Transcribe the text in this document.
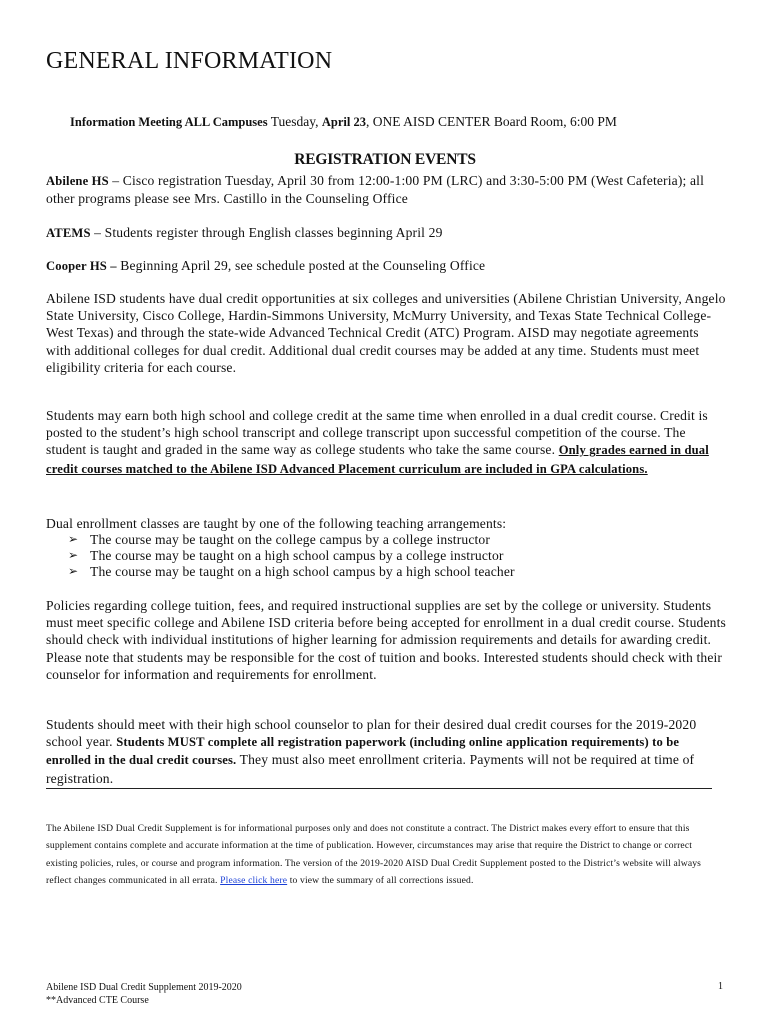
GENERAL INFORMATION
Information Meeting ALL Campuses Tuesday, April 23, ONE AISD CENTER Board Room, 6:00 PM
REGISTRATION EVENTS
Abilene HS – Cisco registration Tuesday, April 30 from 12:00-1:00 PM (LRC) and 3:30-5:00 PM (West Cafeteria); all other programs please see Mrs. Castillo in the Counseling Office
ATEMS – Students register through English classes beginning April 29
Cooper HS – Beginning April 29, see schedule posted at the Counseling Office
Abilene ISD students have dual credit opportunities at six colleges and universities (Abilene Christian University, Angelo State University, Cisco College, Hardin-Simmons University, McMurry University, and Texas State Technical College-West Texas) and through the state-wide Advanced Technical Credit (ATC) Program. AISD may negotiate agreements with additional colleges for dual credit. Additional dual credit courses may be added at any time. Students must meet eligibility criteria for each course.
Students may earn both high school and college credit at the same time when enrolled in a dual credit course. Credit is posted to the student’s high school transcript and college transcript upon successful competition of the course. The student is taught and graded in the same way as college students who take the same course. Only grades earned in dual credit courses matched to the Abilene ISD Advanced Placement curriculum are included in GPA calculations.
Dual enrollment classes are taught by one of the following teaching arrangements:
➢ The course may be taught on the college campus by a college instructor
➢ The course may be taught on a high school campus by a college instructor
➢ The course may be taught on a high school campus by a high school teacher
Policies regarding college tuition, fees, and required instructional supplies are set by the college or university. Students must meet specific college and Abilene ISD criteria before being accepted for enrollment in a dual credit course. Students should check with individual institutions of higher learning for admission requirements and details for awarding credit. Please note that students may be responsible for the cost of tuition and books. Interested students should check with their counselor for information and requirements for enrollment.
Students should meet with their high school counselor to plan for their desired dual credit courses for the 2019-2020 school year. Students MUST complete all registration paperwork (including online application requirements) to be enrolled in the dual credit courses. They must also meet enrollment criteria. Payments will not be required at time of registration.
The Abilene ISD Dual Credit Supplement is for informational purposes only and does not constitute a contract. The District makes every effort to ensure that this supplement contains complete and accurate information at the time of publication. However, circumstances may arise that require the District to change or correct existing policies, rules, or course and program information. The version of the 2019-2020 AISD Dual Credit Supplement posted to the District’s website will always reflect changes communicated in all errata. Please click here to view the summary of all corrections issued.
Abilene ISD Dual Credit Supplement 2019-2020
**Advanced CTE Course
1
